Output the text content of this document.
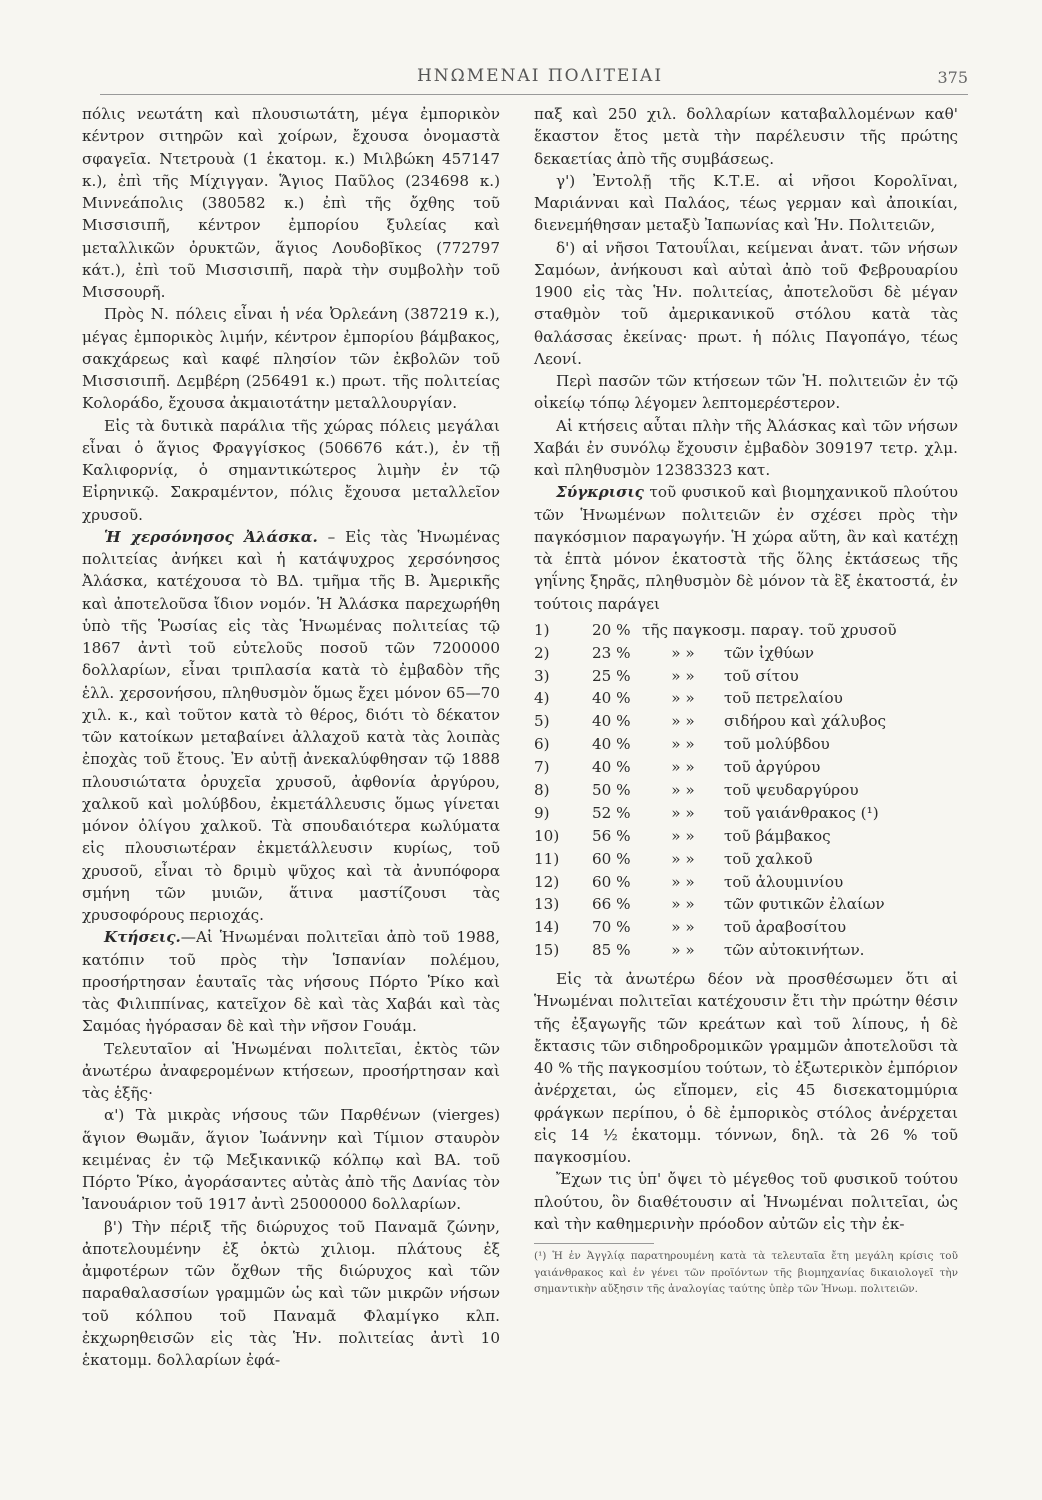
ΗΝΩΜΕΝΑΙ ΠΟΛΙΤΕΙΑΙ	375

πόλις νεωτάτη καὶ πλουσιωτάτη, μέγα ἐμπορικὸν κέντρον σιτηρῶν καὶ χοίρων, ἔχουσα ὀνομαστὰ σφαγεῖα. Ντετρουὰ (1 ἑκατομ. κ.) Μιλβώκη 457147 κ.), ἐπὶ τῆς Μίχιγγαν. Ἅγιος Παῦλος (234698 κ.) Μιννεάπολις (380582 κ.) ἐπὶ τῆς ὄχθης τοῦ Μισσισιπῆ, κέντρον ἐμπορίου ξυλείας καὶ μεταλλικῶν ὀρυκτῶν, ἅγιος Λουδοβῖκος (772797 κάτ.), ἐπὶ τοῦ Μισσισιπῆ, παρὰ τὴν συμβολὴν τοῦ Μισσουρῆ.

Πρὸς Ν. πόλεις εἶναι ἡ νέα Ὀρλεάνη (387219 κ.), μέγας ἐμπορικὸς λιμήν, κέντρον ἐμπορίου βάμβακος, σακχάρεως καὶ καφέ πλησίον τῶν ἐκβολῶν τοῦ Μισσισιπῆ. Δεμβέρη (256491 κ.) πρωτ. τῆς πολιτείας Κολοράδο, ἔχουσα ἀκμαιοτάτην μεταλλουργίαν.

Εἰς τὰ δυτικὰ παράλια τῆς χώρας πόλεις μεγάλαι εἶναι ὁ ἅγιος Φραγγίσκος (506676 κάτ.), ἐν τῇ Καλιφορνίᾳ, ὁ σημαντικώτερος λιμὴν ἐν τῷ Εἰρηνικῷ. Σακραμέντον, πόλις ἔχουσα μεταλλεῖον χρυσοῦ.

Ἡ χερσόνησος Ἀλάσκα. – Εἰς τὰς Ἡνωμένας πολιτείας ἀνήκει καὶ ἡ κατάψυχρος χερσόνησος Ἀλάσκα, κατέχουσα τὸ ΒΔ. τμῆμα τῆς Β. Ἀμερικῆς καὶ ἀποτελοῦσα ἴδιον νομόν. Ἡ Ἀλάσκα παρεχωρήθη ὑπὸ τῆς Ῥωσίας εἰς τὰς Ἡνωμένας πολιτείας τῷ 1867 ἀντὶ τοῦ εὐτελοῦς ποσοῦ τῶν 7200000 δολλαρίων, εἶναι τριπλασία κατὰ τὸ ἐμβαδὸν τῆς ἑλλ. χερσονήσου, πληθυσμὸν ὅμως ἔχει μόνον 65—70 χιλ. κ., καὶ τοῦτον κατὰ τὸ θέρος, διότι τὸ δέκατον τῶν κατοίκων μεταβαίνει ἀλλαχοῦ κατὰ τὰς λοιπὰς ἐποχὰς τοῦ ἔτους. Ἐν αὐτῇ ἀνεκαλύφθησαν τῷ 1888 πλουσιώτατα ὀρυχεῖα χρυσοῦ, ἀφθονία ἀργύρου, χαλκοῦ καὶ μολύβδου, ἐκμετάλλευσις ὅμως γίνεται μόνον ὀλίγου χαλκοῦ. Τὰ σπουδαιότερα κωλύματα εἰς πλουσιωτέραν ἐκμετάλλευσιν κυρίως, τοῦ χρυσοῦ, εἶναι τὸ δριμὺ ψῦχος καὶ τὰ ἀνυπόφορα σμήνη τῶν μυιῶν, ἅτινα μαστίζουσι τὰς χρυσοφόρους περιοχάς.

Κτήσεις.—Αἱ Ἡνωμέναι πολιτεῖαι ἀπὸ τοῦ 1988, κατόπιν τοῦ πρὸς τὴν Ἱσπανίαν πολέμου, προσήρτησαν ἑαυταῖς τὰς νήσους Πόρτο Ῥίκο καὶ τὰς Φιλιππίνας, κατεῖχον δὲ καὶ τὰς Χαβάι καὶ τὰς Σαμόας ἠγόρασαν δὲ καὶ τὴν νῆσον Γουάμ.

Τελευταῖον αἱ Ἡνωμέναι πολιτεῖαι, ἐκτὸς τῶν ἀνωτέρω ἀναφερομένων κτήσεων, προσήρτησαν καὶ τὰς ἑξῆς·

α') Τὰ μικρὰς νήσους τῶν Παρθένων (vierges) ἅγιον Θωμᾶν, ἅγιον Ἰωάννην καὶ Τίμιον σταυρὸν κειμένας ἐν τῷ Μεξικανικῷ κόλπῳ καὶ ΒΑ. τοῦ Πόρτο Ῥίκο, ἀγοράσαντες αὐτὰς ἀπὸ τῆς Δανίας τὸν Ἰανουάριον τοῦ 1917 ἀντὶ 25000000 δολλαρίων.

β') Τὴν πέριξ τῆς διώρυχος τοῦ Παναμᾶ ζώνην, ἀποτελουμένην ἐξ ὀκτὼ χιλιομ. πλάτους ἐξ ἀμφοτέρων τῶν ὄχθων τῆς διώρυχος καὶ τῶν παραθαλασσίων γραμμῶν ὡς καὶ τῶν μικρῶν νήσων τοῦ κόλπου τοῦ Παναμᾶ Φλαμίγκο κλπ. ἐκχωρηθεισῶν εἰς τὰς Ἡν. πολιτείας ἀντὶ 10 ἑκατομμ. δολλαρίων ἐφά-

παξ καὶ 250 χιλ. δολλαρίων καταβαλλομένων καθ' ἕκαστον ἔτος μετὰ τὴν παρέλευσιν τῆς πρώτης δεκαετίας ἀπὸ τῆς συμβάσεως.

γ') Ἐντολῇ τῆς Κ.Τ.Ε. αἱ νῆσοι Κορολῖναι, Μαριάνναι καὶ Παλάος, τέως γερμαν καὶ ἀποικίαι, διενεμήθησαν μεταξὺ Ἰαπωνίας καὶ Ἡν. Πολιτειῶν,

δ') αἱ νῆσοι Τατουΐλαι, κείμεναι ἀνατ. τῶν νήσων Σαμόων, ἀνήκουσι καὶ αὐταὶ ἀπὸ τοῦ Φεβρουαρίου 1900 εἰς τὰς Ἡν. πολιτείας, ἀποτελοῦσι δὲ μέγαν σταθμὸν τοῦ ἀμερικανικοῦ στόλου κατὰ τὰς θαλάσσας ἐκείνας· πρωτ. ἡ πόλις Παγοπάγο, τέως Λεονί.

Περὶ πασῶν τῶν κτήσεων τῶν Ἡ. πολιτειῶν ἐν τῷ οἰκείῳ τόπῳ λέγομεν λεπτομερέστερον.

Αἱ κτήσεις αὗται πλὴν τῆς Ἀλάσκας καὶ τῶν νήσων Χαβάι ἐν συνόλῳ ἔχουσιν ἐμβαδὸν 309197 τετρ. χλμ. καὶ πληθυσμὸν 12383323 κατ.

Σύγκρισις τοῦ φυσικοῦ καὶ βιομηχανικοῦ πλούτου τῶν Ἡνωμένων πολιτειῶν ἐν σχέσει πρὸς τὴν παγκόσμιον παραγωγήν. Ἡ χώρα αὕτη, ἂν καὶ κατέχῃ τὰ ἑπτὰ μόνον ἑκατοστὰ τῆς ὅλης ἐκτάσεως τῆς γηΐνης ξηρᾶς, πληθυσμὸν δὲ μόνον τὰ ἓξ ἑκατοστά, ἐν τούτοις παράγει

1)	20 % τῆς παγκοσμ. παραγ. τοῦ χρυσοῦ
2)	23 %	» »	τῶν ἰχθύων
3)	25 %	» »	τοῦ σίτου
4)	40 %	» »	τοῦ πετρελαίου
5)	40 %	» »	σιδήρου καὶ χάλυβος
6)	40 %	» »	τοῦ μολύβδου
7)	40 %	» »	τοῦ ἀργύρου
8)	50 %	» »	τοῦ ψευδαργύρου
9)	52 %	» »	τοῦ γαιάνθρακος (¹)
10)	56 %	» »	τοῦ βάμβακος
11)	60 %	» »	τοῦ χαλκοῦ
12)	60 %	» »	τοῦ ἀλουμινίου
13)	66 %	» »	τῶν φυτικῶν ἐλαίων
14)	70 %	» »	τοῦ ἀραβοσίτου
15)	85 %	» »	τῶν αὐτοκινήτων.

Εἰς τὰ ἀνωτέρω δέον νὰ προσθέσωμεν ὅτι αἱ Ἡνωμέναι πολιτεῖαι κατέχουσιν ἔτι τὴν πρώτην θέσιν τῆς ἐξαγωγῆς τῶν κρεάτων καὶ τοῦ λίπους, ἡ δὲ ἔκτασις τῶν σιδηροδρομικῶν γραμμῶν ἀποτελοῦσι τὰ 40 % τῆς παγκοσμίου τούτων, τὸ ἐξωτερικὸν ἐμπόριον ἀνέρχεται, ὡς εἴπομεν, εἰς 45 δισεκατομμύρια φράγκων περίπου, ὁ δὲ ἐμπορικὸς στόλος ἀνέρχεται εἰς 14 ½ ἑκατομμ. τόννων, δηλ. τὰ 26 % τοῦ παγκοσμίου.

Ἔχων τις ὑπ' ὄψει τὸ μέγεθος τοῦ φυσικοῦ τούτου πλούτου, ὃν διαθέτουσιν αἱ Ἡνωμέναι πολιτεῖαι, ὡς καὶ τὴν καθημερινὴν πρόοδον αὐτῶν εἰς τὴν ἐκ-

(¹) Ἡ ἐν Ἀγγλίᾳ παρατηρουμένη κατὰ τὰ τελευταῖα ἔτη μεγάλη κρίσις τοῦ γαιάνθρακος καὶ ἐν γένει τῶν προϊόντων τῆς βιομηχανίας δικαιολογεῖ τὴν σημαντικὴν αὔξησιν τῆς ἀναλογίας ταύτης ὑπὲρ τῶν Ἡνωμ. πολιτειῶν.
